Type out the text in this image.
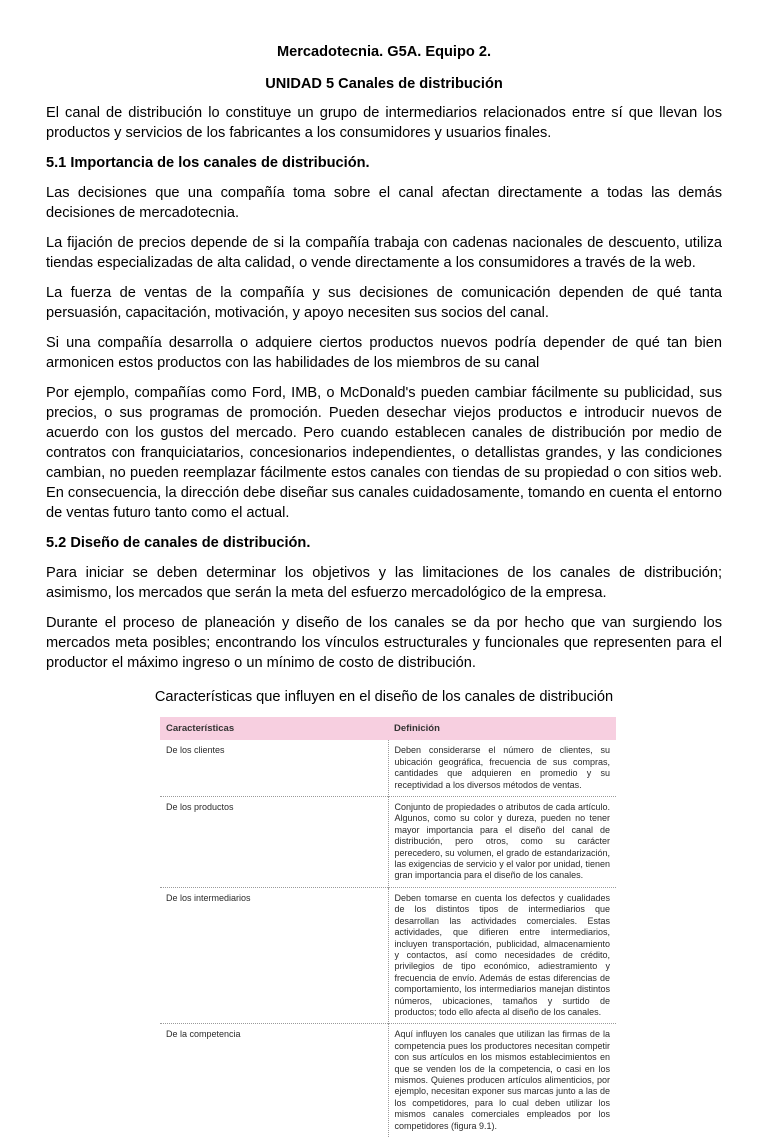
Mercadotecnia. G5A. Equipo 2.
UNIDAD 5 Canales de distribución

El canal de distribución lo constituye un grupo de intermediarios relacionados entre sí que llevan los productos y servicios de los fabricantes a los consumidores y usuarios finales.

5.1 Importancia de los canales de distribución.

Las decisiones que una compañía toma sobre el canal afectan directamente a todas las demás decisiones de mercadotecnia.

La fijación de precios depende de si la compañía trabaja con cadenas nacionales de descuento, utiliza tiendas especializadas de alta calidad, o vende directamente a los consumidores a través de la web.

La fuerza de ventas de la compañía y sus decisiones de comunicación dependen de qué tanta persuasión, capacitación, motivación, y apoyo necesiten sus socios del canal.

Si una compañía desarrolla o adquiere ciertos productos nuevos podría depender de qué tan bien armonicen estos productos con las habilidades de los miembros de su canal

Por ejemplo, compañías como Ford, IMB, o McDonald's pueden cambiar fácilmente su publicidad, sus precios, o sus programas de promoción. Pueden desechar viejos productos e introducir nuevos de acuerdo con los gustos del mercado. Pero cuando establecen canales de distribución por medio de contratos con franquiciatarios, concesionarios independientes, o detallistas grandes, y las condiciones cambian, no pueden reemplazar fácilmente estos canales con tiendas de su propiedad o con sitios web. En consecuencia, la dirección debe diseñar sus canales cuidadosamente, tomando en cuenta el entorno de ventas futuro tanto como el actual.

5.2 Diseño de canales de distribución.

Para iniciar se deben determinar los objetivos y las limitaciones de los canales de distribución; asimismo, los mercados que serán la meta del esfuerzo mercadológico de la empresa.

Durante el proceso de planeación y diseño de los canales se da por hecho que van surgiendo los mercados meta posibles; encontrando los vínculos estructurales y funcionales que representen para el productor el máximo ingreso o un mínimo de costo de distribución.

Características que influyen en el diseño de los canales de distribución
Características	Definición
De los clientes	Deben considerarse el número de clientes, su ubicación geográfica, frecuencia de sus compras, cantidades que adquieren en promedio y su receptividad a los diversos métodos de ventas.
De los productos	Conjunto de propiedades o atributos de cada artículo. Algunos, como su color y dureza, pueden no tener mayor importancia para el diseño del canal de distribución, pero otros, como su carácter perecedero, su volumen, el grado de estandarización, las exigencias de servicio y el valor por unidad, tienen gran importancia para el diseño de los canales.
De los intermediarios	Deben tomarse en cuenta los defectos y cualidades de los distintos tipos de intermediarios que desarrollan las actividades comerciales. Estas actividades, que difieren entre intermediarios, incluyen transportación, publicidad, almacenamiento y contactos, así como necesidades de crédito, privilegios de tipo económico, adiestramiento y frecuencia de envío. Además de estas diferencias de comportamiento, los intermediarios manejan distintos números, ubicaciones, tamaños y surtido de productos; todo ello afecta al diseño de los canales.
De la competencia	Aquí influyen los canales que utilizan las firmas de la competencia pues los productores necesitan competir con sus artículos en los mismos establecimientos en que se venden los de la competencia, o casi en los mismos. Quienes producen artículos alimenticios, por ejemplo, necesitan exponer sus marcas junto a las de los competidores, para lo cual deben utilizar los mismos canales comerciales empleados por los competidores (figura 9.1).
